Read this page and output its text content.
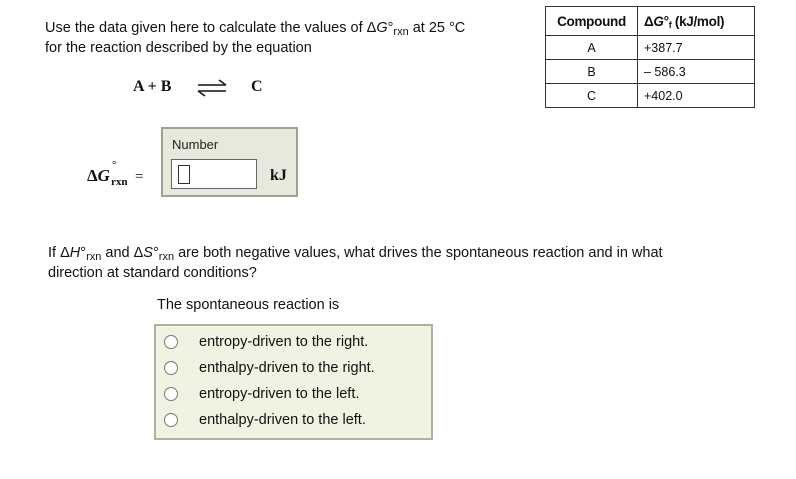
Use the data given here to calculate the values of $\Delta G^\circ_{rxn}$ at 25 °C
for the reaction described by the equation
A + B ⇌ C
Compound	$\Delta G^\circ_f$ (kJ/mol)
A	+387.7
B	– 586.3
C	+402.0
ΔG
°
rxn =
Number
kJ
If $\Delta H^\circ_{rxn}$ and $\Delta S^\circ_{rxn}$ are both negative values, what drives the spontaneous reaction and in what
direction at standard conditions?
The spontaneous reaction is
entropy-driven to the right.
enthalpy-driven to the right.
entropy-driven to the left.
enthalpy-driven to the left.
